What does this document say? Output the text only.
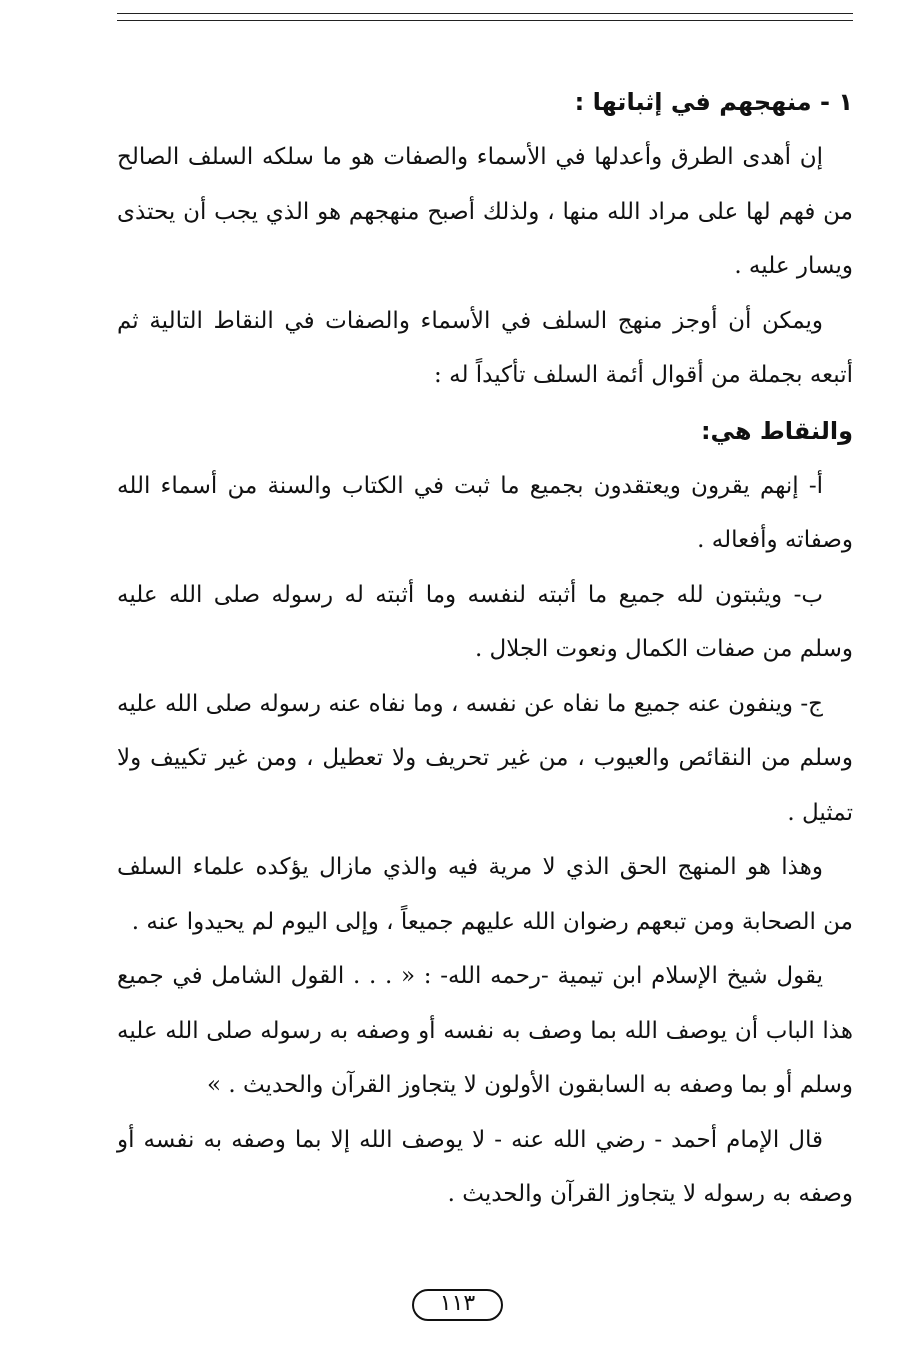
١ - منهجهم في إثباتها :

إن أهدى الطرق وأعدلها في الأسماء والصفات هو ما سلكه السلف الصالح من فهم لها على مراد الله منها ، ولذلك أصبح منهجهم هو الذي يجب أن يحتذى ويسار عليه .

ويمكن أن أوجز منهج السلف في الأسماء والصفات في النقاط التالية ثم أتبعه بجملة من أقوال أئمة السلف تأكيداً له :

والنقاط هي:

أ- إنهم يقرون ويعتقدون بجميع ما ثبت في الكتاب والسنة من أسماء الله وصفاته وأفعاله .

ب- ويثبتون لله جميع ما أثبته لنفسه وما أثبته له رسوله صلى الله عليه وسلم من صفات الكمال ونعوت الجلال .

ج- وينفون عنه جميع ما نفاه عن نفسه ، وما نفاه عنه رسوله صلى الله عليه وسلم من النقائص والعيوب ، من غير تحريف ولا تعطيل ، ومن غير تكييف ولا تمثيل .

وهذا هو المنهج الحق الذي لا مرية فيه والذي مازال يؤكده علماء السلف من الصحابة ومن تبعهم رضوان الله عليهم جميعاً ، وإلى اليوم لم يحيدوا عنه .

يقول شيخ الإسلام ابن تيمية -رحمه الله- : « . . . القول الشامل في جميع هذا الباب أن يوصف الله بما وصف به نفسه أو وصفه به رسوله صلى الله عليه وسلم أو بما وصفه به السابقون الأولون لا يتجاوز القرآن والحديث . »

قال الإمام أحمد - رضي الله عنه - لا يوصف الله إلا بما وصفه به نفسه أو وصفه به رسوله لا يتجاوز القرآن والحديث .

١١٣
